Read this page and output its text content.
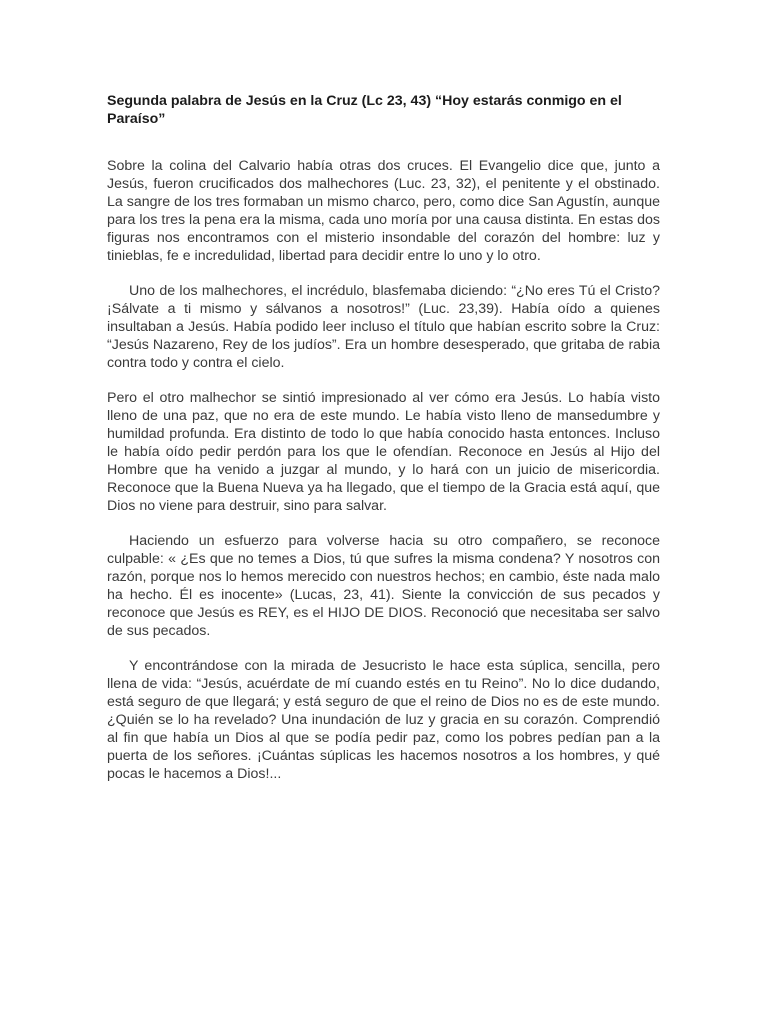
Segunda palabra de Jesús en la Cruz (Lc 23, 43) “Hoy estarás conmigo en el Paraíso”

Sobre la colina del Calvario había otras dos cruces. El Evangelio dice que, junto a Jesús, fueron crucificados dos malhechores (Luc. 23, 32), el penitente y el obstinado. La sangre de los tres formaban un mismo charco, pero, como dice San Agustín, aunque para los tres la pena era la misma, cada uno moría por una causa distinta. En estas dos figuras nos encontramos con el misterio insondable del corazón del hombre: luz y tinieblas, fe e incredulidad, libertad para decidir entre lo uno y lo otro.

Uno de los malhechores, el incrédulo, blasfemaba diciendo: “¿No eres Tú el Cristo? ¡Sálvate a ti mismo y sálvanos a nosotros!” (Luc. 23,39). Había oído a quienes insultaban a Jesús. Había podido leer incluso el título que habían escrito sobre la Cruz: “Jesús Nazareno, Rey de los judíos”. Era un hombre desesperado, que gritaba de rabia contra todo y contra el cielo.

Pero el otro malhechor se sintió impresionado al ver cómo era Jesús. Lo había visto lleno de una paz, que no era de este mundo. Le había visto lleno de mansedumbre y humildad profunda. Era distinto de todo lo que había conocido hasta entonces. Incluso le había oído pedir perdón para los que le ofendían. Reconoce en Jesús al Hijo del Hombre que ha venido a juzgar al mundo, y lo hará con un juicio de misericordia. Reconoce que la Buena Nueva ya ha llegado, que el tiempo de la Gracia está aquí, que Dios no viene para destruir, sino para salvar.

Haciendo un esfuerzo para volverse hacia su otro compañero, se reconoce culpable: « ¿Es que no temes a Dios, tú que sufres la misma condena? Y nosotros con razón, porque nos lo hemos merecido con nuestros hechos; en cambio, éste nada malo ha hecho. Él es inocente» (Lucas, 23, 41). Siente la convicción de sus pecados y reconoce que Jesús es REY, es el HIJO DE DIOS. Reconoció que necesitaba ser salvo de sus pecados.

Y encontrándose con la mirada de Jesucristo le hace esta súplica, sencilla, pero llena de vida: “Jesús, acuérdate de mí cuando estés en tu Reino”. No lo dice dudando, está seguro de que llegará; y está seguro de que el reino de Dios no es de este mundo. ¿Quién se lo ha revelado? Una inundación de luz y gracia en su corazón. Comprendió al fin que había un Dios al que se podía pedir paz, como los pobres pedían pan a la puerta de los señores. ¡Cuántas súplicas les hacemos nosotros a los hombres, y qué pocas le hacemos a Dios!...
